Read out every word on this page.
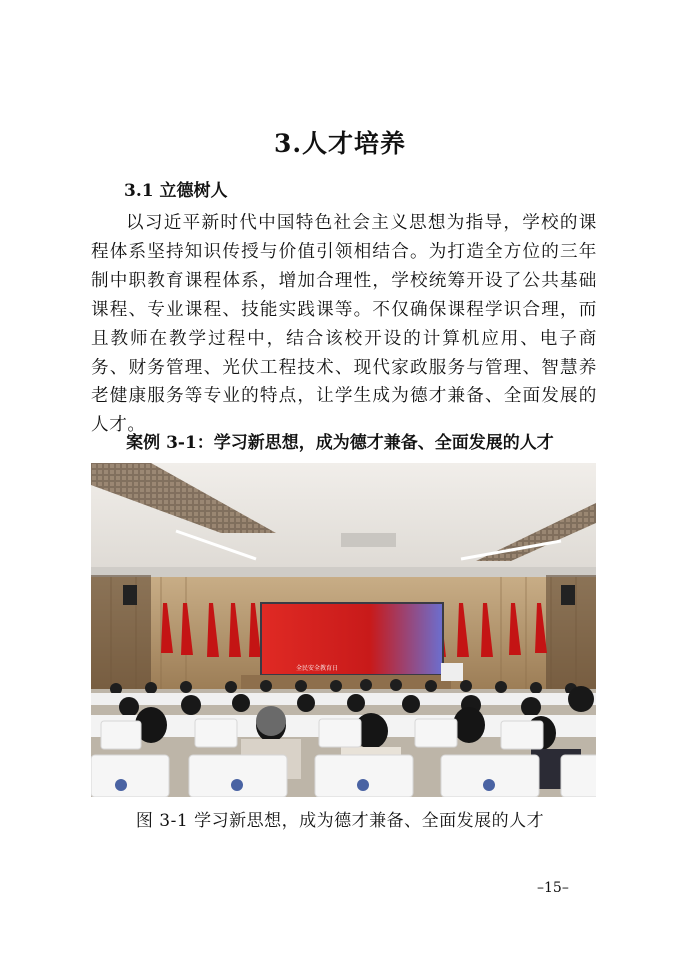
3.人才培养
3.1 立德树人

以习近平新时代中国特色社会主义思想为指导，学校的课程体系坚持知识传授与价值引领相结合。为打造全方位的三年制中职教育课程体系，增加合理性，学校统筹开设了公共基础课程、专业课程、技能实践课等。不仅确保课程学识合理，而且教师在教学过程中，结合该校开设的计算机应用、电子商务、财务管理、光伏工程技术、现代家政服务与管理、智慧养老健康服务等专业的特点，让学生成为德才兼备、全面发展的人才。

案例 3-1：学习新思想，成为德才兼备、全面发展的人才
全民安全教育日

图 3-1 学习新思想，成为德才兼备、全面发展的人才

–15–
